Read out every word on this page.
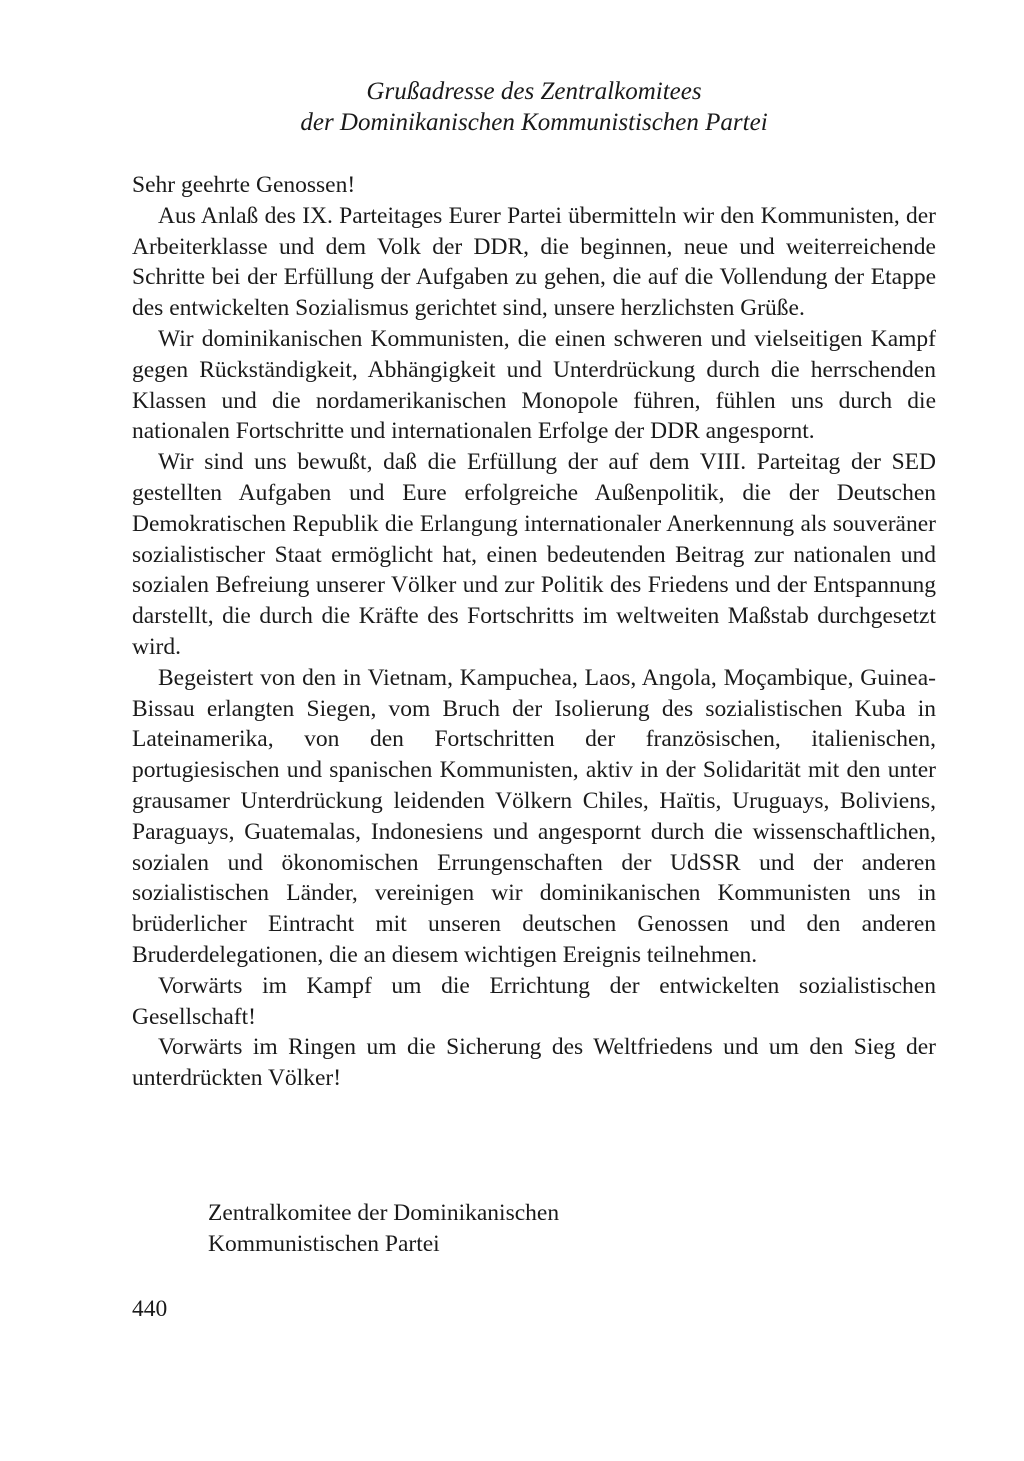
Grußadresse des Zentralkomitees
der Dominikanischen Kommunistischen Partei

Sehr geehrte Genossen!

Aus Anlaß des IX. Parteitages Eurer Partei übermitteln wir den Kommunisten, der Arbeiterklasse und dem Volk der DDR, die beginnen, neue und weiterreichende Schritte bei der Erfüllung der Aufgaben zu gehen, die auf die Vollendung der Etappe des entwickelten Sozialismus gerichtet sind, unsere herzlichsten Grüße.

Wir dominikanischen Kommunisten, die einen schweren und vielseitigen Kampf gegen Rückständigkeit, Abhängigkeit und Unterdrückung durch die herrschenden Klassen und die nordamerikanischen Monopole führen, fühlen uns durch die nationalen Fortschritte und internationalen Erfolge der DDR angespornt.

Wir sind uns bewußt, daß die Erfüllung der auf dem VIII. Parteitag der SED gestellten Aufgaben und Eure erfolgreiche Außenpolitik, die der Deutschen Demokratischen Republik die Erlangung internationaler Anerkennung als souveräner sozialistischer Staat ermöglicht hat, einen bedeutenden Beitrag zur nationalen und sozialen Befreiung unserer Völker und zur Politik des Friedens und der Entspannung darstellt, die durch die Kräfte des Fortschritts im weltweiten Maßstab durchgesetzt wird.

Begeistert von den in Vietnam, Kampuchea, Laos, Angola, Moçambique, Guinea-Bissau erlangten Siegen, vom Bruch der Isolierung des sozialistischen Kuba in Lateinamerika, von den Fortschritten der französischen, italienischen, portugiesischen und spanischen Kommunisten, aktiv in der Solidarität mit den unter grausamer Unterdrückung leidenden Völkern Chiles, Haïtis, Uruguays, Boliviens, Paraguays, Guatemalas, Indonesiens und angespornt durch die wissenschaftlichen, sozialen und ökonomischen Errungenschaften der UdSSR und der anderen sozialistischen Länder, vereinigen wir dominikanischen Kommunisten uns in brüderlicher Eintracht mit unseren deutschen Genossen und den anderen Bruderdelegationen, die an diesem wichtigen Ereignis teilnehmen.

Vorwärts im Kampf um die Errichtung der entwickelten sozialistischen Gesellschaft!

Vorwärts im Ringen um die Sicherung des Weltfriedens und um den Sieg der unterdrückten Völker!

Zentralkomitee der Dominikanischen
Kommunistischen Partei
440
